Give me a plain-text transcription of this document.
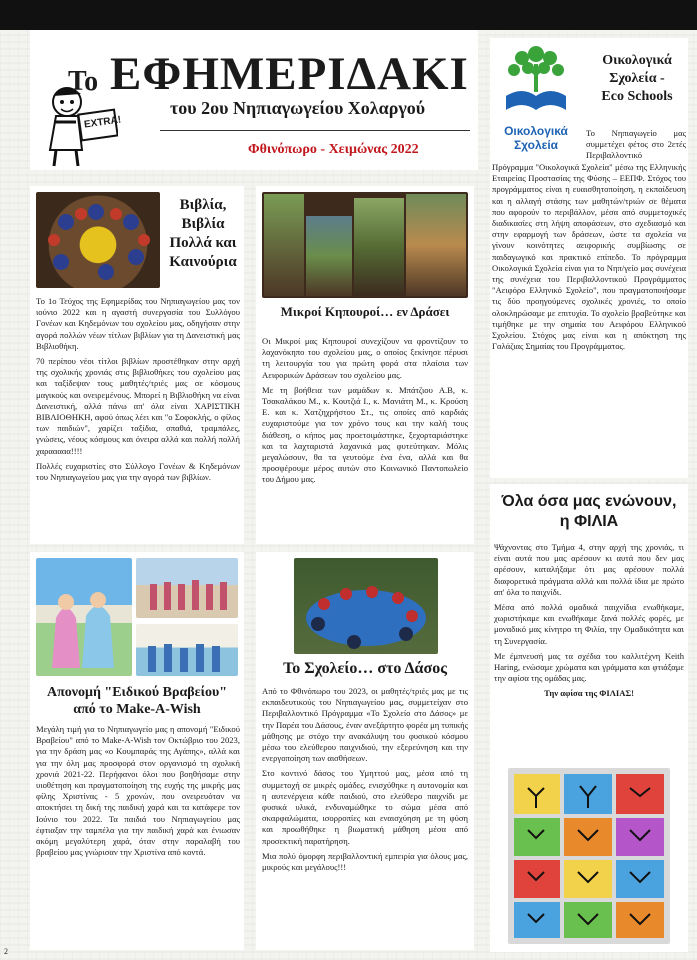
EXTRA!
Το ΕΦΗΜΕΡΙΔΑΚΙ
του 2ου Νηπιαγωγείου Χολαργού
Φθινόπωρο - Χειμώνας 2022
Οικολογικά
Σχολεία
Οικολογικά
Σχολεία -
Eco Schools
Το Νηπιαγωγείο μας συμμετέχει φέτος στο 2ετές Περιβαλλοντικό
Πρόγραμμα "Οικολογικά Σχολεία" μέσω της Ελληνικής Εταιρείας Προστασίας της Φύσης – ΕΕΠΦ. Στόχος του προγράμματος είναι η ευαισθητοποίηση, η εκπαίδευση και η αλλαγή στάσης των μαθητών/τριών σε θέματα που αφορούν το περιβάλλον, μέσα από συμμετοχικές διαδικασίες στη λήψη αποφάσεων, στο σχεδιασμό και στην εφαρμογή των δράσεων, ώστε τα σχολεία να γίνουν κοινότητες αειφορικής συμβίωσης σε παιδαγωγικό και πρακτικό επίπεδο. Το πρόγραμμα Οικολογικά Σχολεία είναι για το Νηπ/γείο μας συνέχεια της συνέχεια του Περιβαλλοντικού Προγράμματος "Αειφόρο Ελληνικό Σχολείο", που πραγματοποιήσαμε τις δύο προηγούμενες σχολικές χρονιές, το οποίο ολοκληρώσαμε με επιτυχία. Το σχολείο βραβεύτηκε και τιμήθηκε με την σημαία του Αειφόρου Ελληνικού Σχολείου. Στόχος μας είναι και η απόκτηση της Γαλάζιας Σημαίας του Προγράμματος.
Βιβλία, Βιβλία Πολλά και Καινούρια

Το 1ο Τεύχος της Εφημερίδας του Νηπιαγωγείου μας τον ιούνιο 2022 και η αγαστή συνεργασία του Συλλόγου Γονέων και Κηδεμόνων του σχολείου μας, οδηγήσαν στην αγορά πολλών νέων τίτλων βιβλίων για τη Δανειστική μας Βιβλιοθήκη.

70 περίπου νέοι τίτλοι βιβλίων προστέθηκαν στην αρχή της σχολικής χρονιάς στις βιβλιοθήκες του σχολείου μας και ταξίδεψαν τους μαθητές/τριές μας σε κόσμους μαγικούς και ονειρεμένους. Μπορεί η Βιβλιοθήκη να είναι Δανειστική, αλλά πάνω απ' όλα είναι ΧΑΡΙΣΤΙΚΗ ΒΙΒΛΙΟΘΗΚΗ, αφού όπως λέει και "ο Σοφοκλής, ο φίλος των παιδιών", χαρίζει ταξίδια, σπαθιά, τραμπάλες, γνώσεις, νέους κόσμους και όνειρα αλλά και πολλή πολλή χαρααααα!!!!

Πολλές ευχαριστίες στο Σύλλογο Γονέων & Κηδεμόνων του Νηπιαγωγείου μας για την αγορά των βιβλίων.

Μικροί Κηπουροί… εν Δράσει

Οι Μικροί μας Κηπουροί συνεχίζουν να φροντίζουν το λαχανόκηπο του σχολείου μας, ο οποίος ξεκίνησε πέρυσι τη λειτουργία του για πρώτη φορά στα πλαίσια των Αειφορικών Δράσεων του σχολείου μας.

Με τη βοήθεια των μαμάδων κ. Μπάτζιου Α.Β, κ. Τσακαλάκου Μ., κ. Κουτζιά Ι., κ. Μανιάτη Μ., κ. Κρούση Ε. και κ. Χατζηχρήστου Στ., τις οποίες από καρδιάς ευχαριστούμε για τον χρόνο τους και την καλή τους διάθεση, ο κήπος μας προετοιμάστηκε, ξεχορταριάστηκε και τα λαχταριστά λαχανικά μας φυτεύτηκαν. Μόλις μεγαλώσουν, θα τα γευτούμε ένα ένα, αλλά και θα προσφέρουμε μέρος αυτών στο Κοινωνικό Παντοπωλείο του Δήμου μας.

Όλα όσα μας ενώνουν,
η ΦΙΛΙΑ

Ψάχνοντας στο Τμήμα 4, στην αρχή της χρονιάς, τι είναι αυτά που μας αρέσουν κι αυτά που δεν μας αρέσουν, καταλήξαμε ότι μας αρέσουν πολλά διαφορετικά πράγματα αλλά και πολλά ίδια με πρώτο απ' όλα το παιχνίδι.

Μέσα από πολλά ομαδικά παιχνίδια ενωθήκαμε, χωριστήκαμε και ενωθήκαμε ξανά πολλές φορές, με μοναδικό μας κίνητρο τη Φιλία, την Ομαδικότητα και τη Συνεργασία.

Με έμπνευσή μας τα σχέδια του καλλιτέχνη Keith Haring, ενώσαμε χρώματα και γράμματα και φτιάξαμε την αφίσα της ομάδας μας.

Την αφίσα της ΦΙΛΙΑΣ!

Απονομή "Ειδικού Βραβείου" από το Make-A-Wish
Μεγάλη τιμή για το Νηπιαγωγείο μας η απονομή "Ειδικού Βραβείου" από το Make-A-Wish τον Οκτώβριο του 2023, για την δράση μας «ο Κουμπαράς της Αγάπης», αλλά και για την όλη μας προσφορά στον οργανισμό τη σχολική χρονιά 2021-22. Περήφανοι όλοι που βοηθήσαμε στην υιοθέτηση και πραγματοποίηση της ευχής της μικρής μας φίλης Χριστίνας - 5 χρονών, που ονειρευόταν να αποκτήσει τη δική της παιδική χαρά και τα κατάφερε τον Ιούνιο του 2022. Τα παιδιά του Νηπιαγωγείου μας έφτιαξαν την ταμπέλα για την παιδική χαρά και ένιωσαν ακόμη μεγαλύτερη χαρά, όταν στην παραλαβή του βραβείου μας γνώρισαν την Χριστίνα από κοντά.
Το Σχολείο… στο Δάσος

Από το Φθινόπωρο του 2023, οι μαθητές/τριές μας με τις εκπαιδευτικούς του Νηπιαγωγείου μας, συμμετείχαν στο Περιβαλλοντικό Πρόγραμμα «Το Σχολείο στο Δάσος» με την Παρέα του Δάσους, έναν ανεξάρτητο φορέα μη τυπικής μάθησης με στόχο την ανακάλυψη του φυσικού κόσμου μέσω του ελεύθερου παιχνιδιού, την εξερεύνηση και την ενεργοποίηση των αισθήσεων.

Στο κοντινό δάσος του Υμηττού μας, μέσα από τη συμμετοχή σε μικρές ομάδες, ενισχύθηκε η αυτονομία και η αυτενέργεια κάθε παιδιού, στο ελεύθερο παιχνίδι με φυσικά υλικά, ενδυναμώθηκε το σώμα μέσα από σκαρφαλώματα, ισορροπίες και εναισχύηση με τη φύση και προωθήθηκε η βιωματική μάθηση μέσα από προσεκτική παρατήρηση.

Μια πολύ όμορφη περιβαλλοντική εμπειρία για όλους μας, μικρούς και μεγάλους!!!

2
